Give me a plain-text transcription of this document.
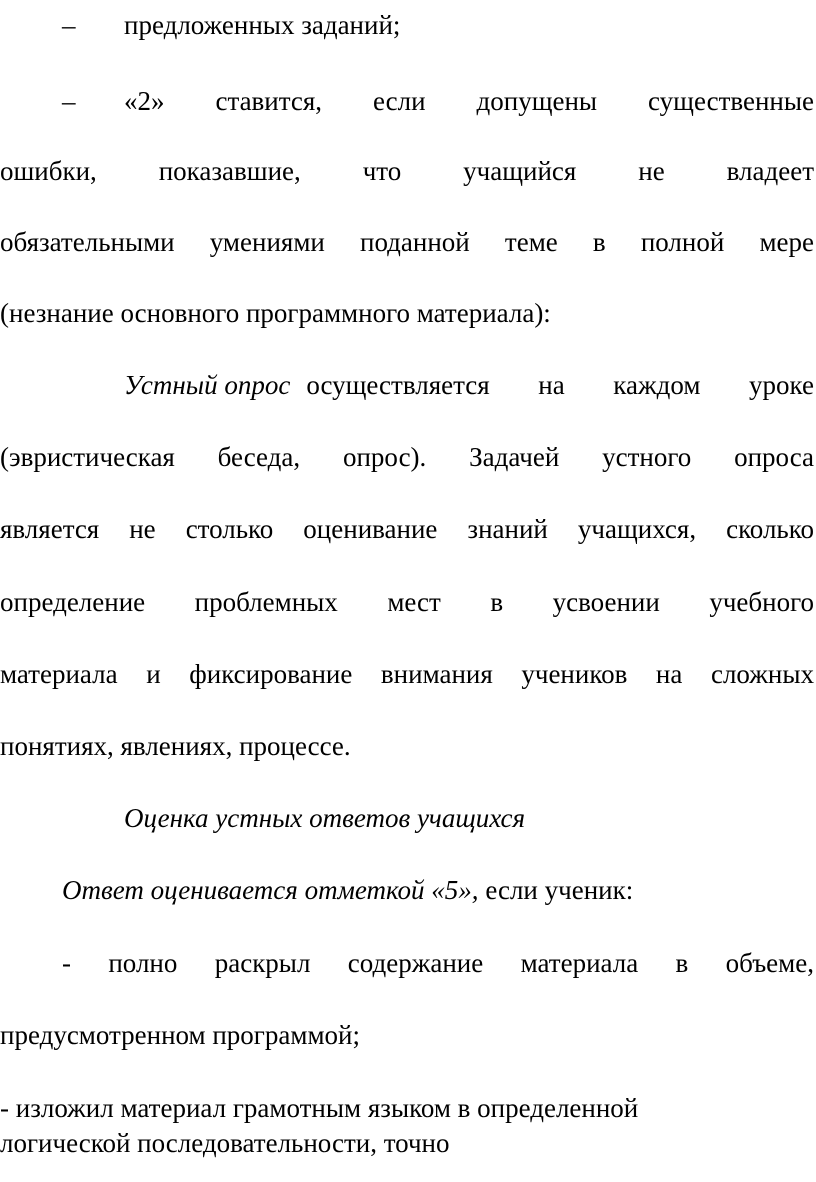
– предложенных заданий;
– «2» ставится, если допущены существенные
ошибки, показавшие, что учащийся не владеет
обязательными умениями поданной теме в полной мере
(незнание основного программного материала):
Устный опрос осуществляется на каждом уроке
(эвристическая беседа, опрос). Задачей устного опроса
является не столько оценивание знаний учащихся, сколько
определение проблемных мест в усвоении учебного
материала и фиксирование внимания учеников на сложных
понятиях, явлениях, процессе.
Оценка устных ответов учащихся
Ответ оценивается отметкой «5», если ученик:
- полно раскрыл содержание материала в объеме,
предусмотренном программой;
- изложил материал грамотным языком в определенной
логической последовательности, точно
